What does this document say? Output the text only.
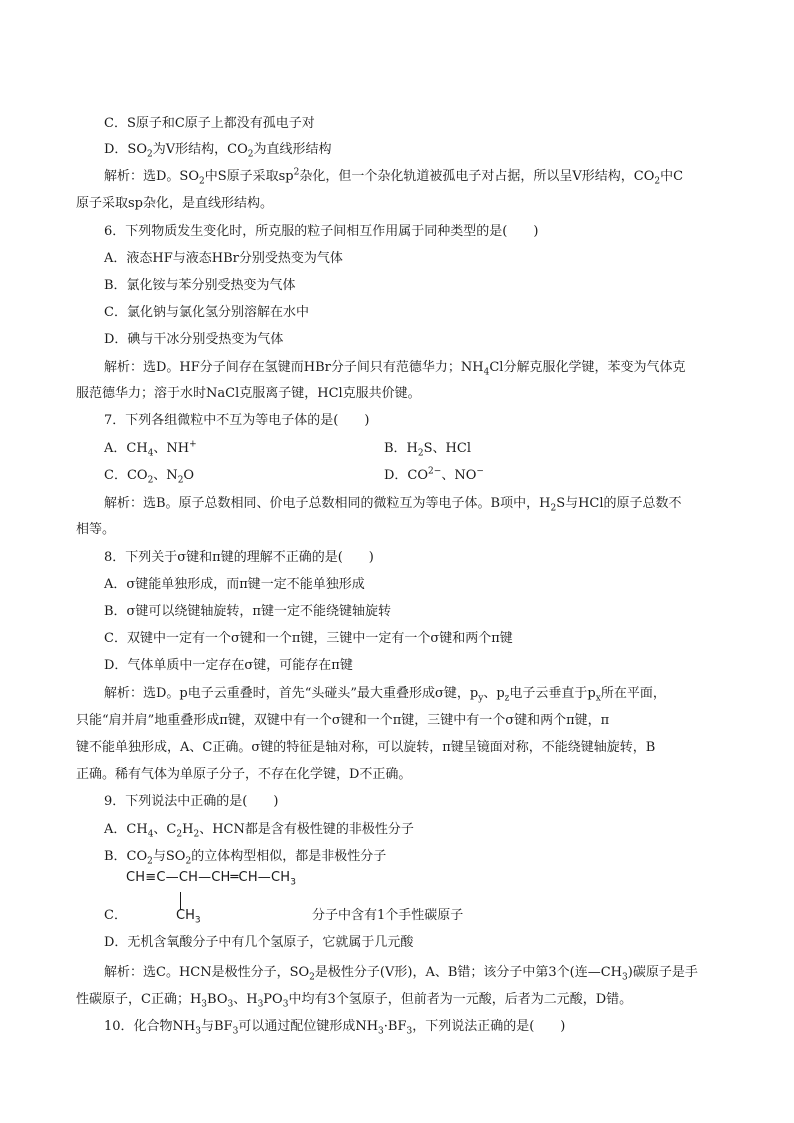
C．S原子和C原子上都没有孤电子对
D．$SO_2$为V形结构，$CO_2$为直线形结构
解析：选D。$SO_2$中S原子采取$sp^2$杂化，但一个杂化轨道被孤电子对占据，所以呈V形结构，$CO_2$中C
原子采取sp杂化，是直线形结构。
6．下列物质发生变化时，所克服的粒子间相互作用属于同种类型的是(　　)
A．液态HF与液态HBr分别受热变为气体
B．氯化铵与苯分别受热变为气体
C．氯化钠与氯化氢分别溶解在水中
D．碘与干冰分别受热变为气体
解析：选D。HF分子间存在氢键而HBr分子间只有范德华力；$NH_4Cl$分解克服化学键，苯变为气体克
服范德华力；溶于水时NaCl克服离子键，HCl克服共价键。
7．下列各组微粒中不互为等电子体的是(　　)
A．$CH_4$、NH+	B．$H_2S$、HCl
C．$CO_2$、$N_2O$	D．$CO^{2-}$、NO−
解析：选B。原子总数相同、价电子总数相同的微粒互为等电子体。B项中，$H_2S$与HCl的原子总数不
相等。
8．下列关于σ键和π键的理解不正确的是(　　)
A．σ键能单独形成，而π键一定不能单独形成
B．σ键可以绕键轴旋转，π键一定不能绕键轴旋转
C．双键中一定有一个σ键和一个π键，三键中一定有一个σ键和两个π键
D．气体单质中一定存在σ键，可能存在π键
解析：选D。p电子云重叠时，首先“头碰头”最大重叠形成σ键，$p_y$、$p_z$电子云垂直于$p_x$所在平面，
只能“肩并肩”地重叠形成π键，双键中有一个σ键和一个π键，三键中有一个σ键和两个π键，π
键不能单独形成，A、C正确。σ键的特征是轴对称，可以旋转，π键呈镜面对称，不能绕键轴旋转，B
正确。稀有气体为单原子分子，不存在化学键，D不正确。
9．下列说法中正确的是(　　)
A．$CH_4$、$C_2H_2$、HCN都是含有极性键的非极性分子
B．$CO_2$与$SO_2$的立体构型相似，都是非极性分子
$CH\equiv C—CH—CH═CH—CH_3$
$CH_3$
C．	分子中含有1个手性碳原子
D．无机含氧酸分子中有几个氢原子，它就属于几元酸
解析：选C。HCN是极性分子，$SO_2$是极性分子(V形)，A、B错；该分子中第3个(连$—CH_3$)碳原子是手
性碳原子，C正确；$H_3BO_3$、$H_3PO_3$中均有3个氢原子，但前者为一元酸，后者为二元酸，D错。
10．化合物$NH_3$与$BF_3$可以通过配位键形成$NH_3\cdot BF_3$，下列说法正确的是(　　)
